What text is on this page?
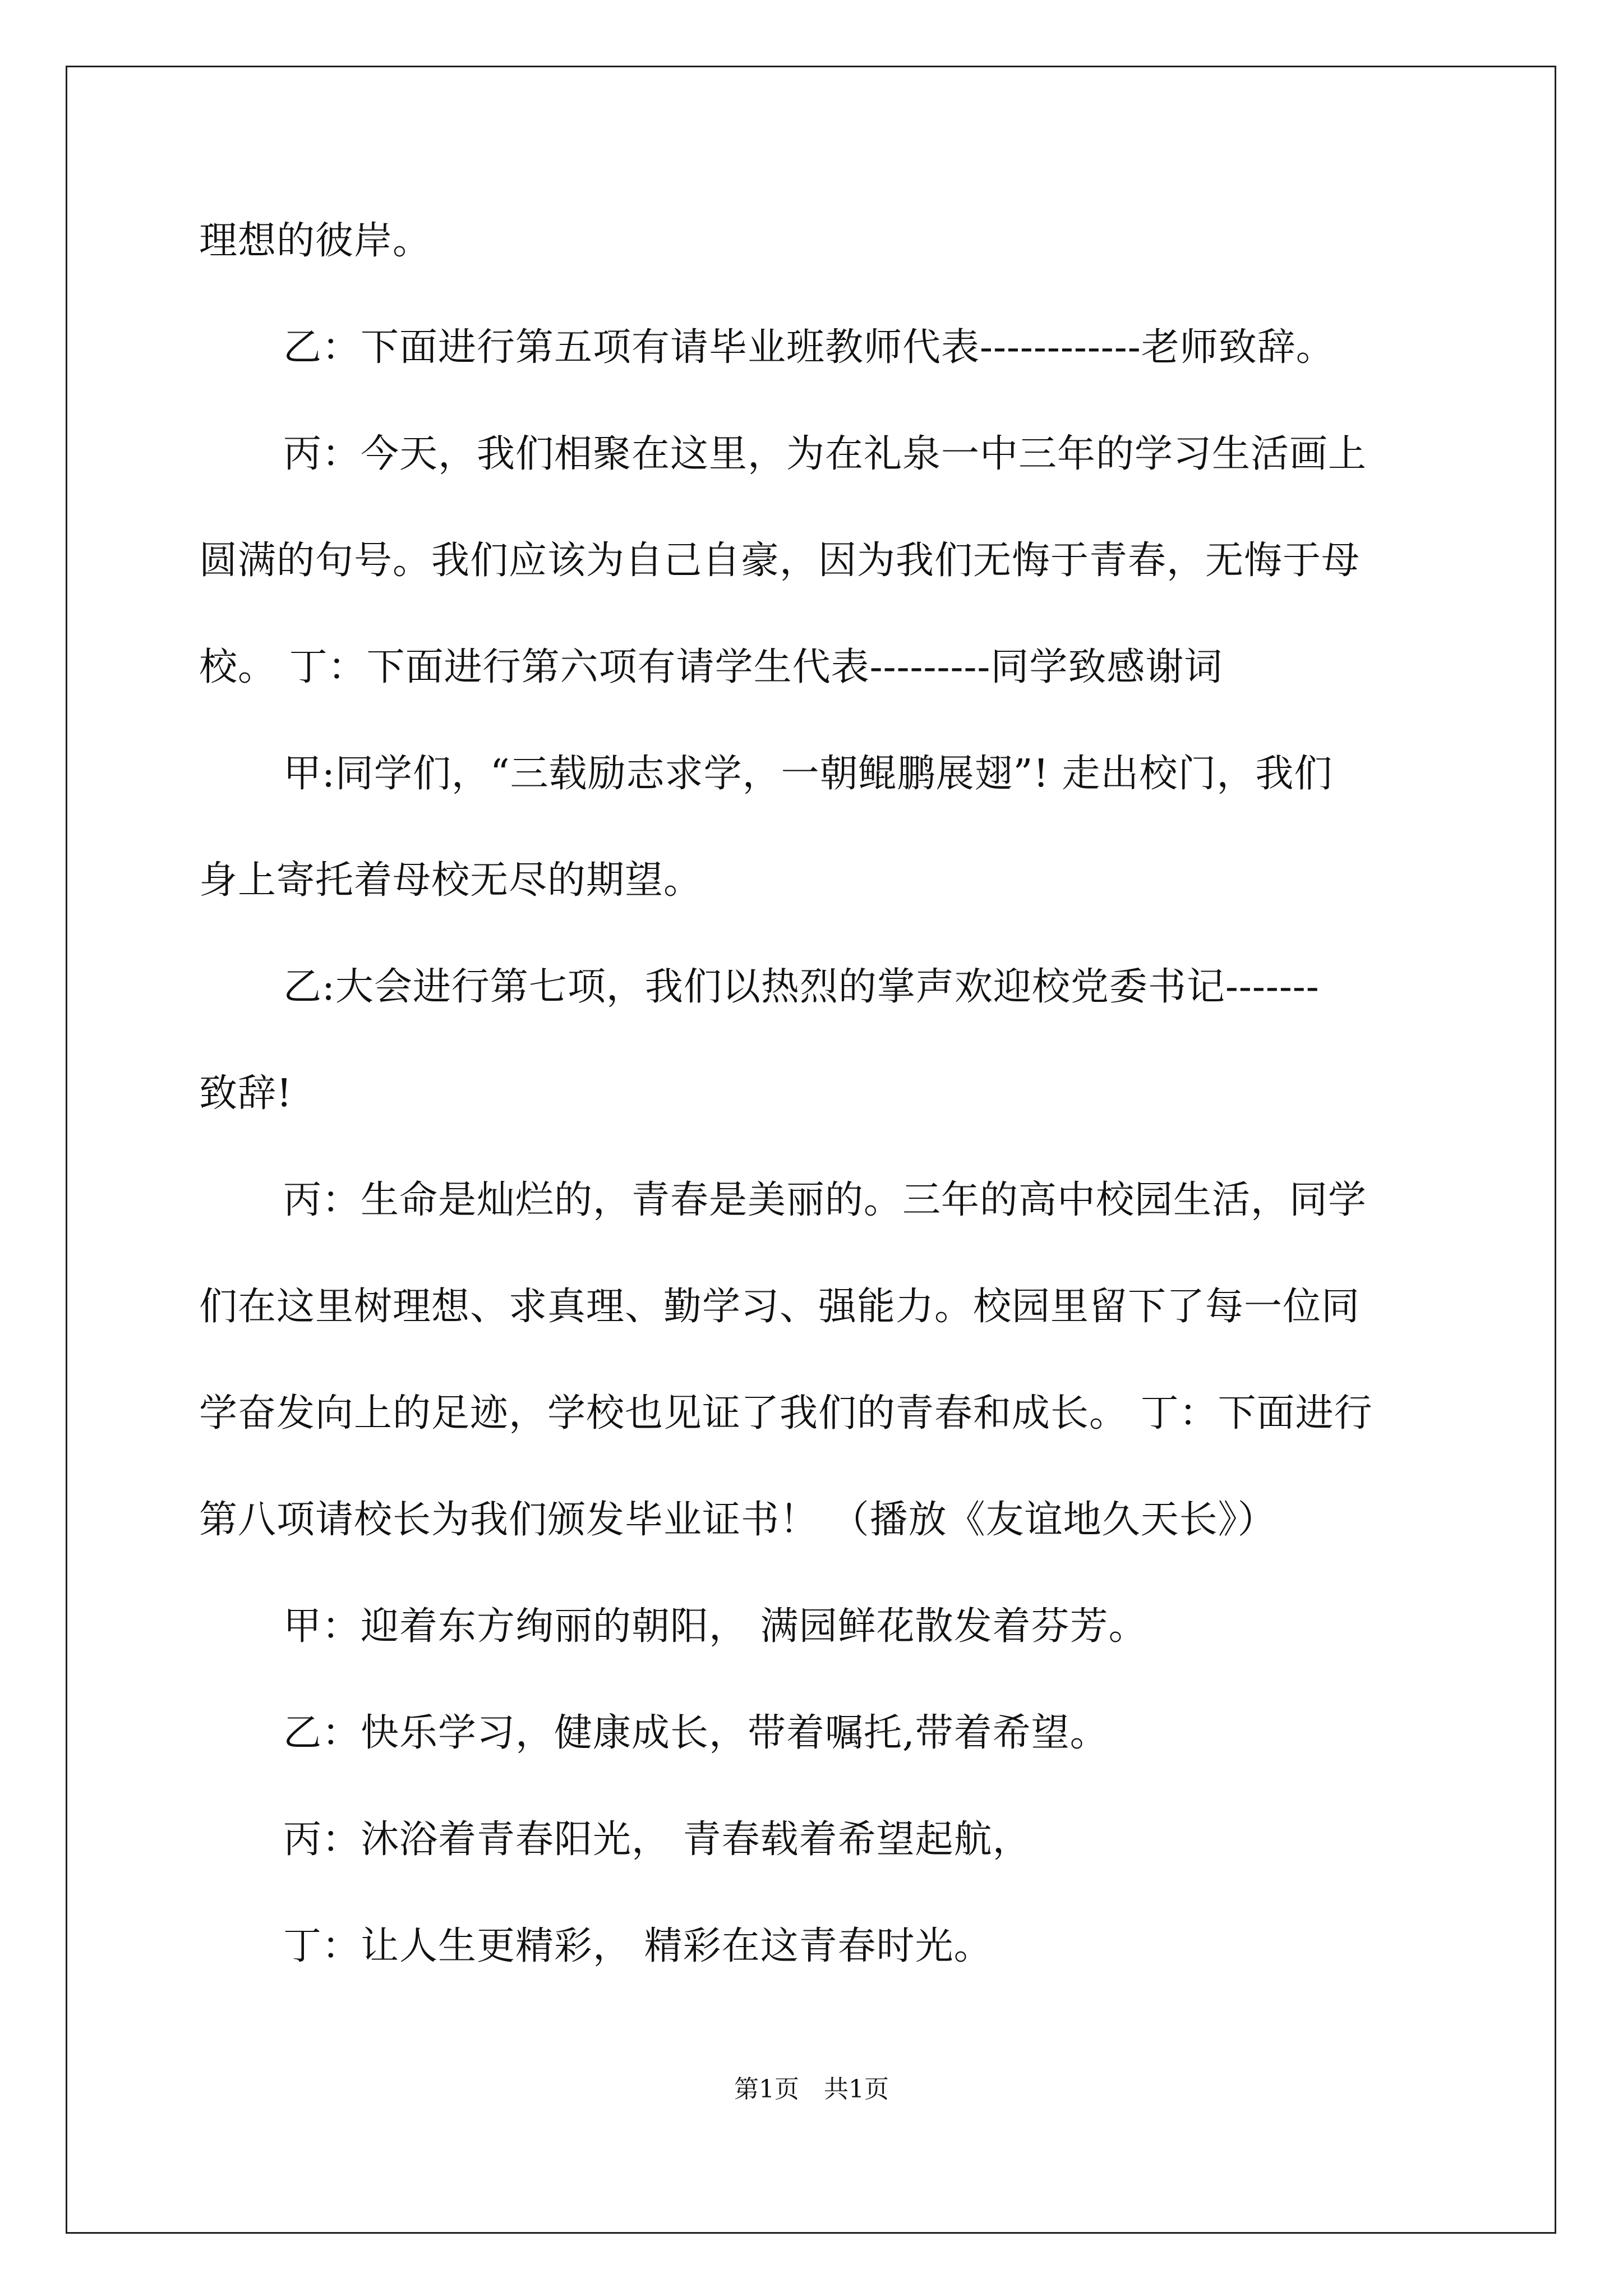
理想的彼岸。
乙：下面进行第五项有请毕业班教师代表------------老师致辞。
丙：今天，我们相聚在这里，为在礼泉一中三年的学习生活画上
圆满的句号。我们应该为自己自豪，因为我们无悔于青春，无悔于母
校。 丁：下面进行第六项有请学生代表---------同学致感谢词
甲:同学们，“三载励志求学，一朝鲲鹏展翅”! 走出校门，我们
身上寄托着母校无尽的期望。
乙:大会进行第七项，我们以热烈的掌声欢迎校党委书记-------
致辞!
丙：生命是灿烂的，青春是美丽的。三年的高中校园生活，同学
们在这里树理想、求真理、勤学习、强能力。校园里留下了每一位同
学奋发向上的足迹，学校也见证了我们的青春和成长。 丁：下面进行
第八项请校长为我们颁发毕业证书！ （播放《友谊地久天长》）
甲：迎着东方绚丽的朝阳， 满园鲜花散发着芬芳。
乙：快乐学习，健康成长，带着嘱托,带着希望。
丙：沐浴着青春阳光， 青春载着希望起航，
丁：让人生更精彩， 精彩在这青春时光。
第1页　共1页
